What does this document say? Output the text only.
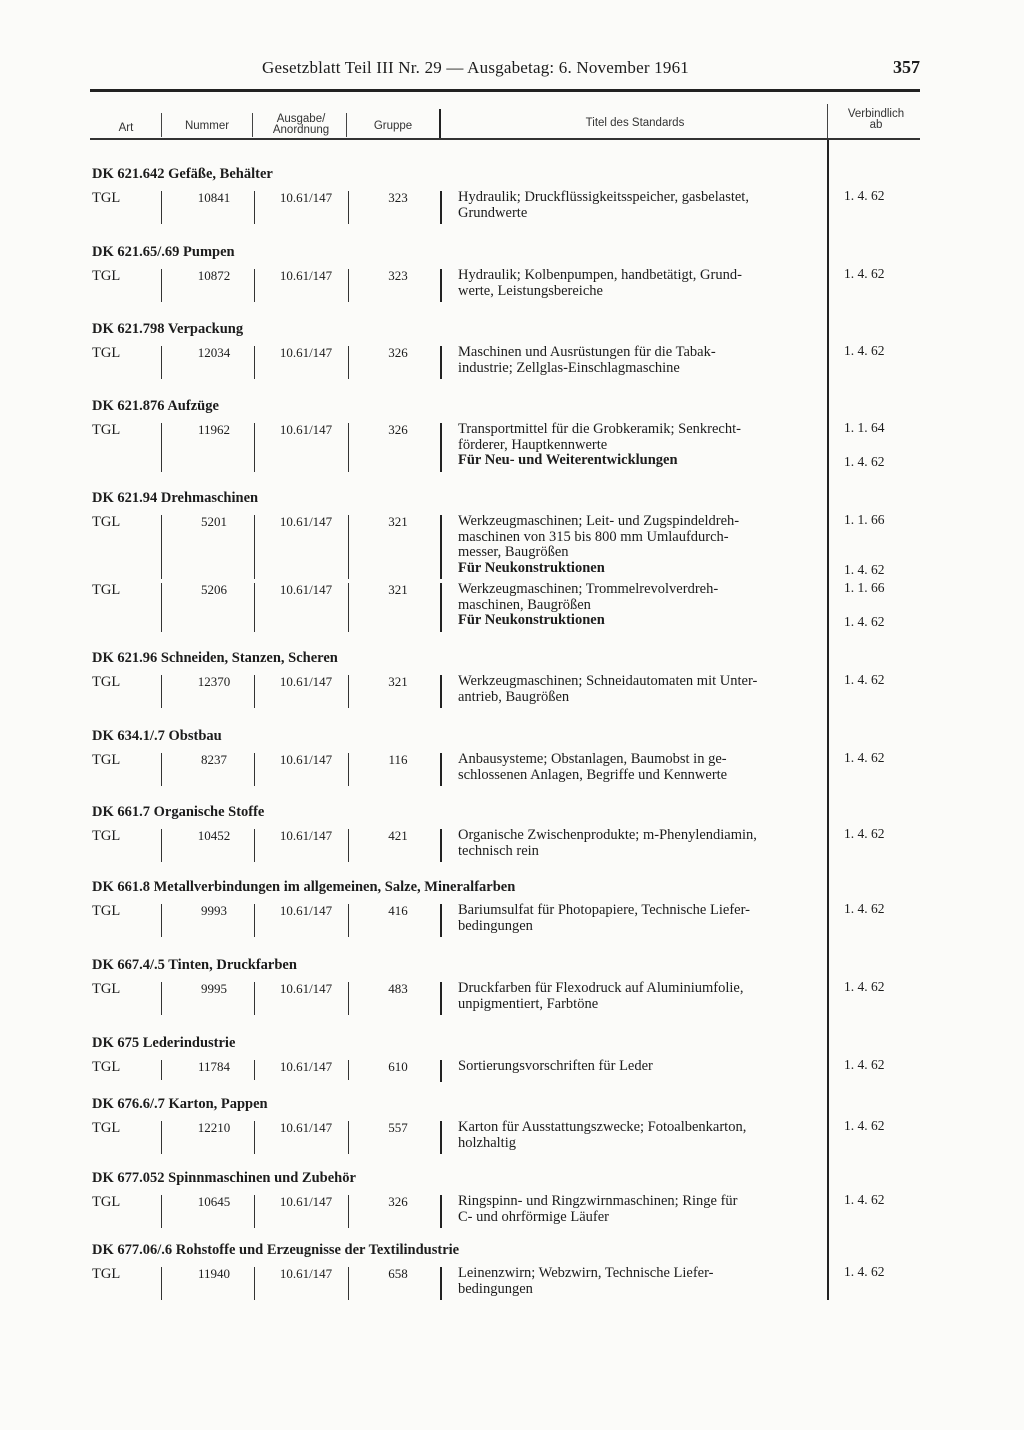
Gesetzblatt Teil III Nr. 29 — Ausgabetag: 6. November 1961	357
Art	Nummer
Ausgabe/
Anordnung	Gruppe	Titel des Standards
Verbindlich
ab
DK 621.642 Gefäße, Behälter
TGL	10841	10.61/147	323	Hydraulik; Druckflüssigkeitsspeicher, gasbelastet,
Grundwerte
1. 4. 62
DK 621.65/.69 Pumpen
TGL	10872	10.61/147	323	Hydraulik; Kolbenpumpen, handbetätigt, Grund-
werte, Leistungsbereiche
1. 4. 62
DK 621.798 Verpackung
TGL	12034	10.61/147	326	Maschinen und Ausrüstungen für die Tabak-
industrie; Zellglas-Einschlagmaschine
1. 4. 62
DK 621.876 Aufzüge
TGL	11962	10.61/147	326	Transportmittel für die Grobkeramik; Senkrecht-
förderer, Hauptkennwerte
Für Neu- und Weiterentwicklungen
1. 1. 64
1. 4. 62
DK 621.94 Drehmaschinen
TGL	5201	10.61/147	321	Werkzeugmaschinen; Leit- und Zugspindeldreh-
maschinen von 315 bis 800 mm Umlaufdurch-
messer, Baugrößen
Für Neukonstruktionen
1. 1. 66
1. 4. 62
TGL	5206	10.61/147	321	Werkzeugmaschinen; Trommelrevolverdreh-
maschinen, Baugrößen
Für Neukonstruktionen
1. 1. 66
1. 4. 62
DK 621.96 Schneiden, Stanzen, Scheren
TGL	12370	10.61/147	321	Werkzeugmaschinen; Schneidautomaten mit Unter-
antrieb, Baugrößen
1. 4. 62
DK 634.1/.7 Obstbau
TGL	8237	10.61/147	116	Anbausysteme; Obstanlagen, Baumobst in ge-
schlossenen Anlagen, Begriffe und Kennwerte
1. 4. 62
DK 661.7 Organische Stoffe
TGL	10452	10.61/147	421	Organische Zwischenprodukte; m-Phenylendiamin,
technisch rein
1. 4. 62
DK 661.8 Metallverbindungen im allgemeinen, Salze, Mineralfarben
TGL	9993	10.61/147	416	Bariumsulfat für Photopapiere, Technische Liefer-
bedingungen
1. 4. 62
DK 667.4/.5 Tinten, Druckfarben
TGL	9995	10.61/147	483	Druckfarben für Flexodruck auf Aluminiumfolie,
unpigmentiert, Farbtöne
1. 4. 62
DK 675 Lederindustrie
TGL	11784	10.61/147	610	Sortierungsvorschriften für Leder	1. 4. 62
DK 676.6/.7 Karton, Pappen
TGL	12210	10.61/147	557	Karton für Ausstattungszwecke; Fotoalbenkarton,
holzhaltig
1. 4. 62
DK 677.052 Spinnmaschinen und Zubehör
TGL	10645	10.61/147	326	Ringspinn- und Ringzwirnmaschinen; Ringe für
C- und ohrförmige Läufer
1. 4. 62
DK 677.06/.6 Rohstoffe und Erzeugnisse der Textilindustrie
TGL	11940	10.61/147	658	Leinenzwirn; Webzwirn, Technische Liefer-
bedingungen
1. 4. 62
